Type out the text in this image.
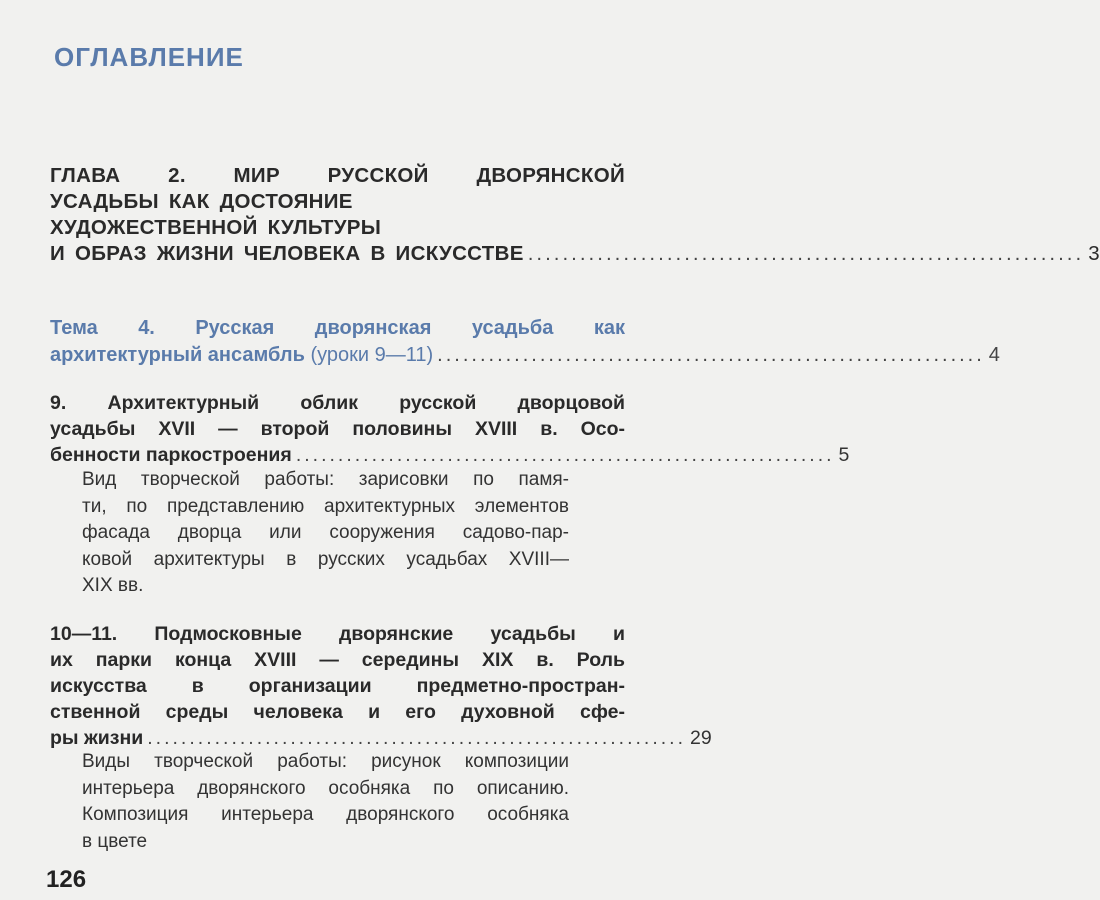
ОГЛАВЛЕНИЕ
ГЛАВА 2. МИР РУССКОЙ ДВОРЯНСКОЙ
УСАДЬБЫ КАК ДОСТОЯНИЕ
ХУДОЖЕСТВЕННОЙ КУЛЬТУРЫ
И ОБРАЗ ЖИЗНИ ЧЕЛОВЕКА В ИСКУССТВЕ ................................................................ 3
Тема 4. Русская дворянская усадьба как
архитектурный ансамбль (уроки 9—11) ................................................................ 4
9. Архитектурный облик русской дворцовой
усадьбы XVII — второй половины XVIII в. Осо-
бенности паркостроения ................................................................ 5
Вид творческой работы: зарисовки по памя-
ти, по представлению архитектурных элементов
фасада дворца или сооружения садово-пар-
ковой архитектуры в русских усадьбах XVIII—
XIX вв.
10—11. Подмосковные дворянские усадьбы и
их парки конца XVIII — середины XIX в. Роль
искусства в организации предметно-простран-
ственной среды человека и его духовной сфе-
ры жизни ................................................................ 29
Виды творческой работы: рисунок композиции
интерьера дворянского особняка по описанию.
Композиция интерьера дворянского особняка
в цвете
126
